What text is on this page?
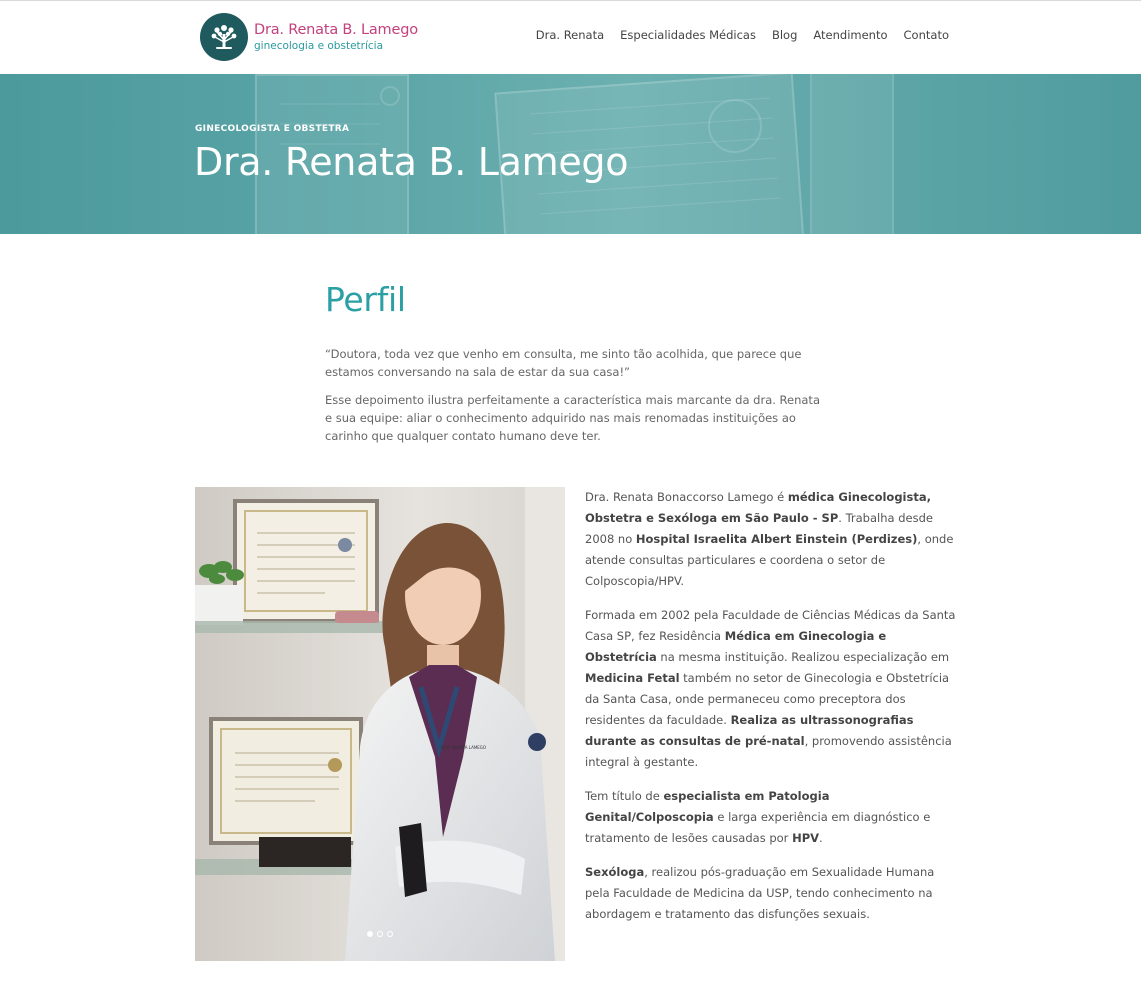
Dra. Renata B. Lamego
ginecologia e obstetrícia
Dra. Renata Especialidades Médicas Blog Atendimento Contato
GINECOLOGISTA E OBSTETRA
Dra. Renata B. Lamego
Perfil

“Doutora, toda vez que venho em consulta, me sinto tão acolhida, que parece que estamos conversando na sala de estar da sua casa!”

Esse depoimento ilustra perfeitamente a característica mais marcante da dra. Renata e sua equipe: aliar o conhecimento adquirido nas mais renomadas instituições ao carinho que qualquer contato humano deve ter.

DRA. RENATA LAMEGO

Dra. Renata Bonaccorso Lamego é médica Ginecologista, Obstetra e Sexóloga em São Paulo - SP. Trabalha desde 2008 no Hospital Israelita Albert Einstein (Perdizes), onde atende consultas particulares e coordena o setor de Colposcopia/HPV.

Formada em 2002 pela Faculdade de Ciências Médicas da Santa Casa SP, fez Residência Médica em Ginecologia e Obstetrícia na mesma instituição. Realizou especialização em Medicina Fetal também no setor de Ginecologia e Obstetrícia da Santa Casa, onde permaneceu como preceptora dos residentes da faculdade. Realiza as ultrassonografias durante as consultas de pré-natal, promovendo assistência integral à gestante.

Tem título de especialista em Patologia Genital/Colposcopia e larga experiência em diagnóstico e tratamento de lesões causadas por HPV.

Sexóloga, realizou pós-graduação em Sexualidade Humana pela Faculdade de Medicina da USP, tendo conhecimento na abordagem e tratamento das disfunções sexuais.
